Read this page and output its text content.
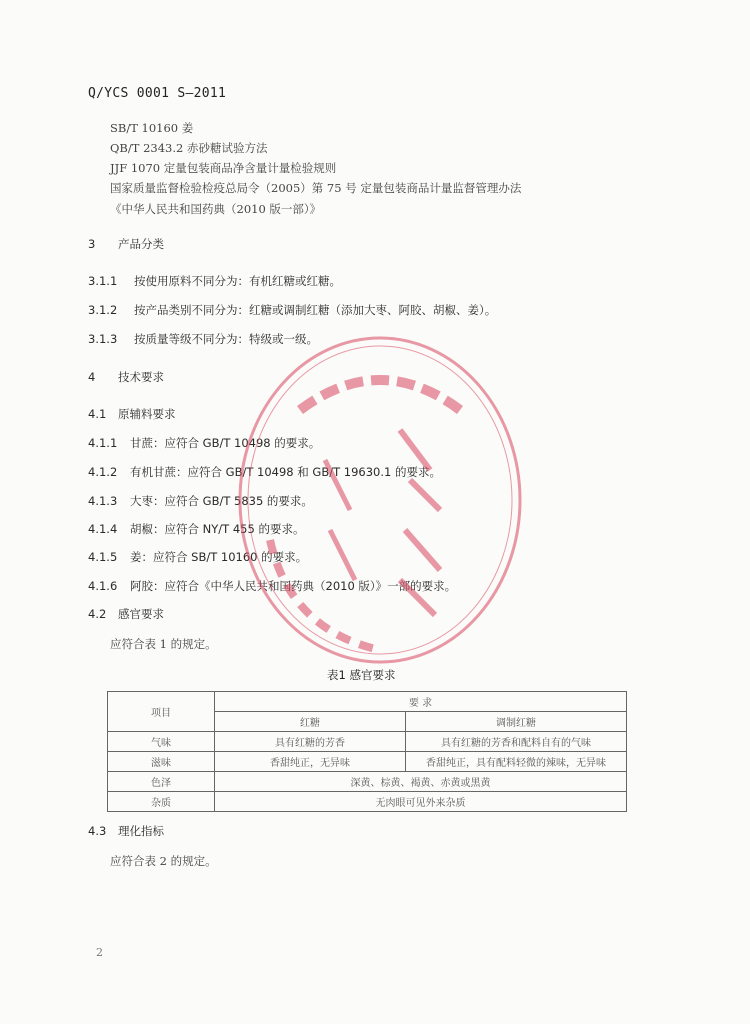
Q/YCS 0001 S—2011
SB/T 10160 姜
QB/T 2343.2 赤砂糖试验方法
JJF 1070 定量包装商品净含量计量检验规则
国家质量监督检验检疫总局令（2005）第 75 号 定量包装商品计量监督管理办法
《中华人民共和国药典（2010 版一部）》
3 产品分类
3.1.1 按使用原料不同分为：有机红糖或红糖。
3.1.2 按产品类别不同分为：红糖或调制红糖（添加大枣、阿胶、胡椒、姜）。
3.1.3 按质量等级不同分为：特级或一级。
4 技术要求
4.1 原辅料要求
4.1.1 甘蔗：应符合 GB/T 10498 的要求。
4.1.2 有机甘蔗：应符合 GB/T 10498 和 GB/T 19630.1 的要求。
4.1.3 大枣：应符合 GB/T 5835 的要求。
4.1.4 胡椒：应符合 NY/T 455 的要求。
4.1.5 姜：应符合 SB/T 10160 的要求。
4.1.6 阿胶：应符合《中华人民共和国药典（2010 版）》一部的要求。
4.2 感官要求
应符合表 1 的规定。
表1 感官要求
项目	要 求	
	红糖	调制红糖
气味	具有红糖的芳香	具有红糖的芳香和配料自有的气味
滋味	香甜纯正，无异味	香甜纯正，具有配料轻微的辣味，无异味
色泽	深黄、棕黄、褐黄、赤黄或黑黄	
杂质	无肉眼可见外来杂质	
4.3 理化指标
应符合表 2 的规定。
2
